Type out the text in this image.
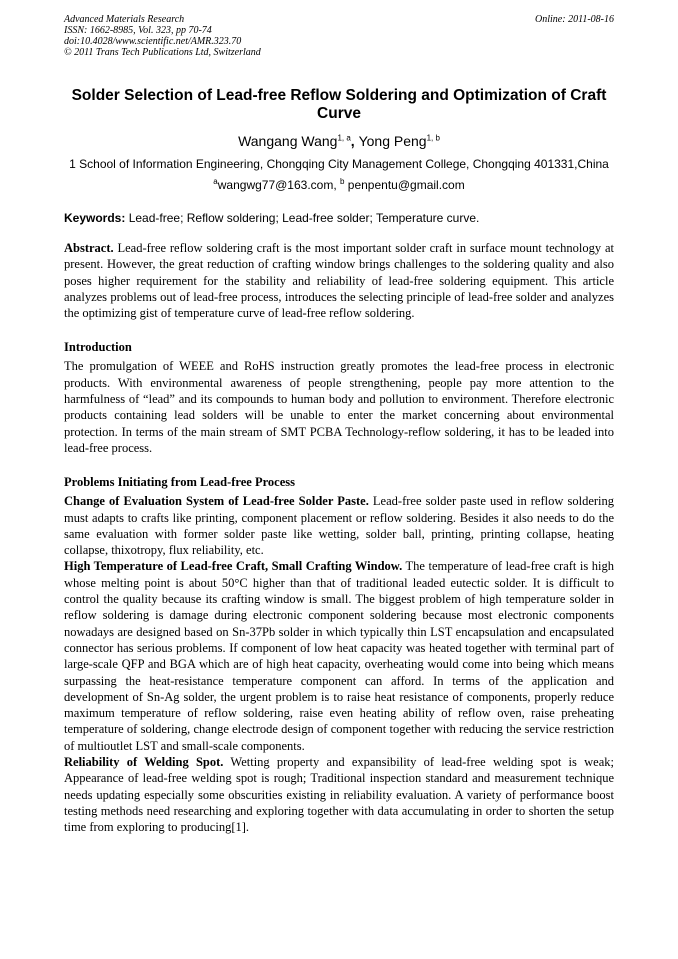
Advanced Materials Research
ISSN: 1662-8985, Vol. 323, pp 70-74
doi:10.4028/www.scientific.net/AMR.323.70
© 2011 Trans Tech Publications Ltd, Switzerland
Online: 2011-08-16
Solder Selection of Lead-free Reflow Soldering and Optimization of Craft Curve
Wangang Wang$^{1, a}$, Yong Peng$^{1, b}$
1 School of Information Engineering, Chongqing City Management College, Chongqing 401331,China
$^a$wangwg77@163.com, $^b$ penpentu@gmail.com
Keywords: Lead-free; Reflow soldering; Lead-free solder; Temperature curve.

Abstract. Lead-free reflow soldering craft is the most important solder craft in surface mount technology at present. However, the great reduction of crafting window brings challenges to the soldering quality and also poses higher requirement for the stability and reliability of lead-free soldering equipment. This article analyzes problems out of lead-free process, introduces the selecting principle of lead-free solder and analyzes the optimizing gist of temperature curve of lead-free reflow soldering.

Introduction

The promulgation of WEEE and RoHS instruction greatly promotes the lead-free process in electronic products. With environmental awareness of people strengthening, people pay more attention to the harmfulness of “lead” and its compounds to human body and pollution to environment. Therefore electronic products containing lead solders will be unable to enter the market concerning about environmental protection. In terms of the main stream of SMT PCBA Technology-reflow soldering, it has to be leaded into lead-free process.

Problems Initiating from Lead-free Process

Change of Evaluation System of Lead-free Solder Paste. Lead-free solder paste used in reflow soldering must adapts to crafts like printing, component placement or reflow soldering. Besides it also needs to do the same evaluation with former solder paste like wetting, solder ball, printing, printing collapse, heating collapse, thixotropy, flux reliability, etc.

High Temperature of Lead-free Craft, Small Crafting Window. The temperature of lead-free craft is high whose melting point is about 50°C higher than that of traditional leaded eutectic solder. It is difficult to control the quality because its crafting window is small. The biggest problem of high temperature solder in reflow soldering is damage during electronic component soldering because most electronic components nowadays are designed based on Sn-37Pb solder in which typically thin LST encapsulation and encapsulated connector has serious problems. If component of low heat capacity was heated together with terminal part of large-scale QFP and BGA which are of high heat capacity, overheating would come into being which means surpassing the heat-resistance temperature component can afford. In terms of the application and development of Sn-Ag solder, the urgent problem is to raise heat resistance of components, properly reduce maximum temperature of reflow soldering, raise even heating ability of reflow oven, raise preheating temperature of soldering, change electrode design of component together with reducing the service restriction of multioutlet LST and small-scale components.

Reliability of Welding Spot. Wetting property and expansibility of lead-free welding spot is weak; Appearance of lead-free welding spot is rough; Traditional inspection standard and measurement technique needs updating especially some obscurities existing in reliability evaluation. A variety of performance boost testing methods need researching and exploring together with data accumulating in order to shorten the setup time from exploring to producing[1].
